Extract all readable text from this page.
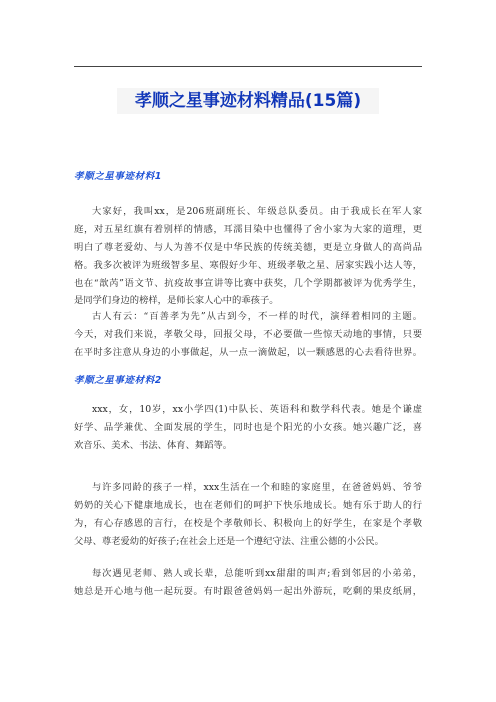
孝顺之星事迹材料精品(15篇)
孝顺之星事迹材料1
大家好，我叫xx，是206班副班长、年级总队委员。由于我成长在军人家
庭，对五星红旗有着别样的情感，耳濡目染中也懂得了舍小家为大家的道理，更
明白了尊老爱幼、与人为善不仅是中华民族的传统美德，更是立身做人的高尚品
格。我多次被评为班级智多星、寒假好少年、班级孝敬之星、居家实践小达人等，
也在“歆芮”语文节、抗疫故事宣讲等比赛中获奖，几个学期都被评为优秀学生，
是同学们身边的榜样，是师长家人心中的乖孩子。
古人有云：“百善孝为先”从古到今，不一样的时代，演绎着相同的主题。
今天，对我们来说，孝敬父母，回报父母，不必要做一些惊天动地的事情，只要
在平时多注意从身边的小事做起，从一点一滴做起，以一颗感恩的心去看待世界。
孝顺之星事迹材料2
xxx，女，10岁，xx小学四(1)中队长、英语科和数学科代表。她是个谦虚
好学、品学兼优、全面发展的学生，同时也是个阳光的小女孩。她兴趣广泛，喜
欢音乐、美术、书法、体育、舞蹈等。
与许多同龄的孩子一样，xxx生活在一个和睦的家庭里，在爸爸妈妈、爷爷
奶奶的关心下健康地成长，也在老师们的呵护下快乐地成长。她有乐于助人的行
为，有心存感恩的言行，在校是个孝敬师长、积极向上的好学生，在家是个孝敬
父母、尊老爱幼的好孩子;在社会上还是一个遵纪守法、注重公德的小公民。
每次遇见老师、熟人或长辈，总能听到xx甜甜的叫声;看到邻居的小弟弟，
她总是开心地与他一起玩耍。有时跟爸爸妈妈一起出外游玩，吃剩的果皮纸屑，
